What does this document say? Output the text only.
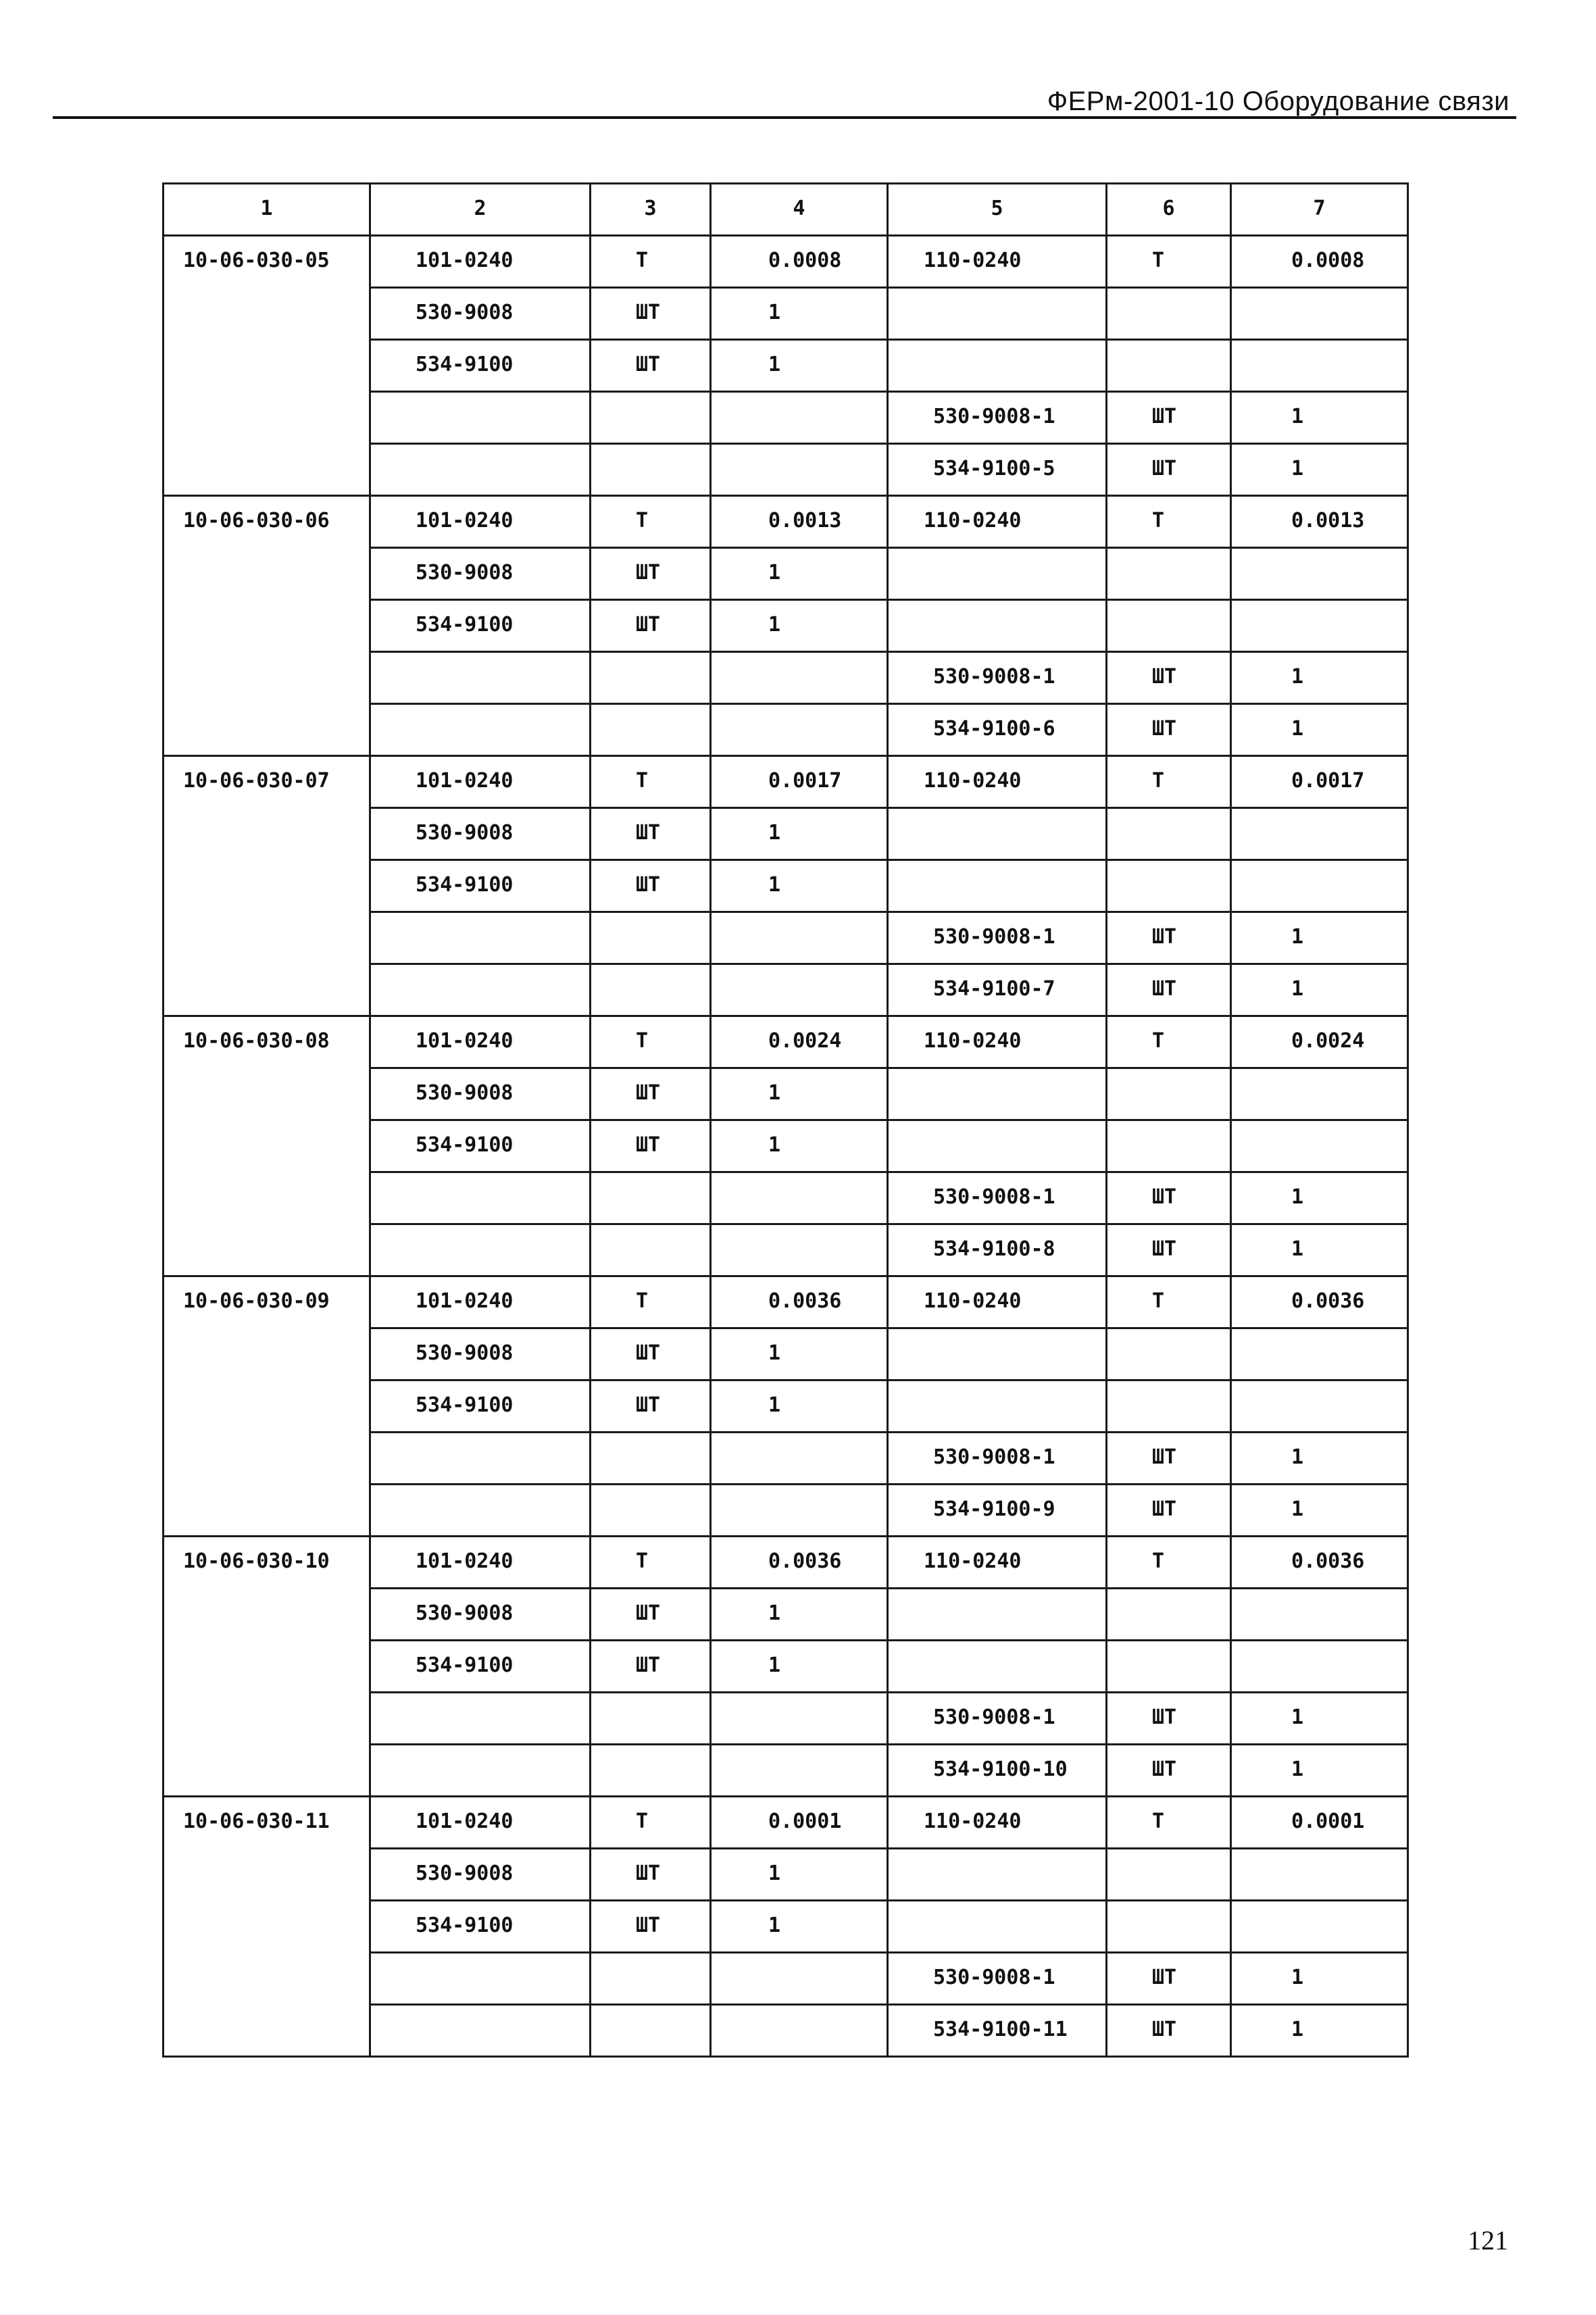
ФЕРм-2001-10 Оборудование связи
1	2	3	4	5	6	7
10-06-030-05	101-0240	Т	0.0008	110-0240	Т	0.0008
	530-9008	ШТ	1			
	534-9100	ШТ	1			
				530-9008-1	ШТ	1
				534-9100-5	ШТ	1
10-06-030-06	101-0240	Т	0.0013	110-0240	Т	0.0013
	530-9008	ШТ	1			
	534-9100	ШТ	1			
				530-9008-1	ШТ	1
				534-9100-6	ШТ	1
10-06-030-07	101-0240	Т	0.0017	110-0240	Т	0.0017
	530-9008	ШТ	1			
	534-9100	ШТ	1			
				530-9008-1	ШТ	1
				534-9100-7	ШТ	1
10-06-030-08	101-0240	Т	0.0024	110-0240	Т	0.0024
	530-9008	ШТ	1			
	534-9100	ШТ	1			
				530-9008-1	ШТ	1
				534-9100-8	ШТ	1
10-06-030-09	101-0240	Т	0.0036	110-0240	Т	0.0036
	530-9008	ШТ	1			
	534-9100	ШТ	1			
				530-9008-1	ШТ	1
				534-9100-9	ШТ	1
10-06-030-10	101-0240	Т	0.0036	110-0240	Т	0.0036
	530-9008	ШТ	1			
	534-9100	ШТ	1			
				530-9008-1	ШТ	1
				534-9100-10	ШТ	1
10-06-030-11	101-0240	Т	0.0001	110-0240	Т	0.0001
	530-9008	ШТ	1			
	534-9100	ШТ	1			
				530-9008-1	ШТ	1
				534-9100-11	ШТ	1
121
